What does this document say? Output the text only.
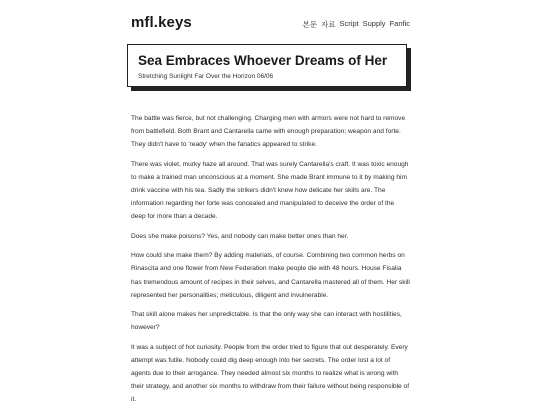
mfl.keys	본문 자료 Script Supply Fanfic
Sea Embraces Whoever Dreams of Her
Stretching Sunlight Far Over the Horizon 06/06

The battle was fierce, but not challenging. Charging men with armors were not hard to remove from battlefield. Both Brant and Cantarella came with enough preparation; weapon and forte. They didn't have to 'ready' when the fanatics appeared to strike.

There was violet, murky haze all around. That was surely Cantarella's craft. It was toxic enough to make a trained man unconscious at a moment. She made Brant immune to it by making him drink vaccine with his tea. Sadly the strikers didn't knew how delicate her skills are. The information regarding her forte was concealed and manipulated to deceive the order of the deep for more than a decade.

Does she make poisons? Yes, and nobody can make better ones than her.

How could she make them? By adding materials, of course. Combining two common herbs on Rinascita and one flower from New Federation make people die with 48 hours. House Fisalia has tremendous amount of recipes in their selves, and Cantarella mastered all of them. Her skill represented her personalities; meticulous, diligent and invulnerable.

That skill alone makes her unpredictable. Is that the only way she can interact with hostilities, however?

It was a subject of hot curiosity. People from the order tried to figure that out desperately. Every attempt was futile. Nobody could dig deep enough into her secrets. The order lost a lot of agents due to their arrogance. They needed almost six months to realize what is wrong with their strategy, and another six months to withdraw from their failure without being responsible of it.
